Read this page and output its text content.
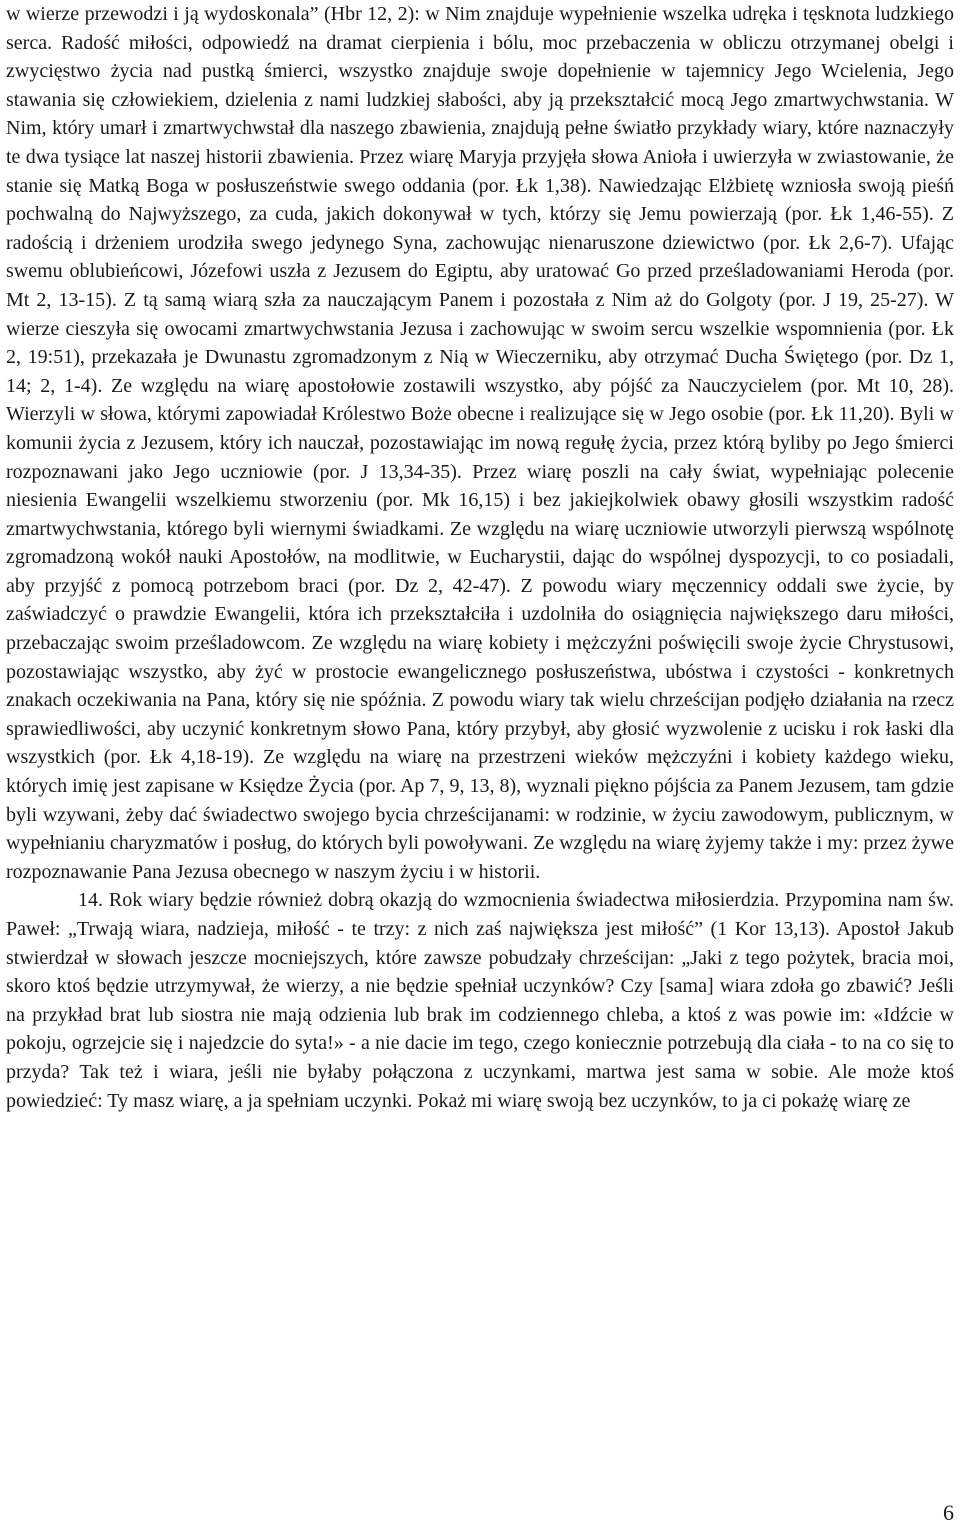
w wierze przewodzi i ją wydoskonala” (Hbr 12, 2): w Nim znajduje wypełnienie wszelka udręka i tęsknota ludzkiego serca. Radość miłości, odpowiedź na dramat cierpienia i bólu, moc przebaczenia w obliczu otrzymanej obelgi i zwycięstwo życia nad pustką śmierci, wszystko znajduje swoje dopełnienie w tajemnicy Jego Wcielenia, Jego stawania się człowiekiem, dzielenia z nami ludzkiej słabości, aby ją przekształcić mocą Jego zmartwychwstania. W Nim, który umarł i zmartwychwstał dla naszego zbawienia, znajdują pełne światło przykłady wiary, które naznaczyły te dwa tysiące lat naszej historii zbawienia. Przez wiarę Maryja przyjęła słowa Anioła i uwierzyła w zwiastowanie, że stanie się Matką Boga w posłuszeństwie swego oddania (por. Łk 1,38). Nawiedzając Elżbietę wzniosła swoją pieśń pochwalną do Najwyższego, za cuda, jakich dokonywał w tych, którzy się Jemu powierzają (por. Łk 1,46-55). Z radością i drżeniem urodziła swego jedynego Syna, zachowując nienaruszone dziewictwo (por. Łk 2,6-7). Ufając swemu oblubieńcowi, Józefowi uszła z Jezusem do Egiptu, aby uratować Go przed prześladowaniami Heroda (por. Mt 2, 13-15). Z tą samą wiarą szła za nauczającym Panem i pozostała z Nim aż do Golgoty (por. J 19, 25-27). W wierze cieszyła się owocami zmartwychwstania Jezusa i zachowując w swoim sercu wszelkie wspomnienia (por. Łk 2, 19:51), przekazała je Dwunastu zgromadzonym z Nią w Wieczerniku, aby otrzymać Ducha Świętego (por. Dz 1, 14; 2, 1-4). Ze względu na wiarę apostołowie zostawili wszystko, aby pójść za Nauczycielem (por. Mt 10, 28). Wierzyli w słowa, którymi zapowiadał Królestwo Boże obecne i realizujące się w Jego osobie (por. Łk 11,20). Byli w komunii życia z Jezusem, który ich nauczał, pozostawiając im nową regułę życia, przez którą byliby po Jego śmierci rozpoznawani jako Jego uczniowie (por. J 13,34-35). Przez wiarę poszli na cały świat, wypełniając polecenie niesienia Ewangelii wszelkiemu stworzeniu (por. Mk 16,15) i bez jakiejkolwiek obawy głosili wszystkim radość zmartwychwstania, którego byli wiernymi świadkami. Ze względu na wiarę uczniowie utworzyli pierwszą wspólnotę zgromadzoną wokół nauki Apostołów, na modlitwie, w Eucharystii, dając do wspólnej dyspozycji, to co posiadali, aby przyjść z pomocą potrzebom braci (por. Dz 2, 42-47). Z powodu wiary męczennicy oddali swe życie, by zaświadczyć o prawdzie Ewangelii, która ich przekształciła i uzdolniła do osiągnięcia największego daru miłości, przebaczając swoim prześladowcom. Ze względu na wiarę kobiety i mężczyźni poświęcili swoje życie Chrystusowi, pozostawiając wszystko, aby żyć w prostocie ewangelicznego posłuszeństwa, ubóstwa i czystości - konkretnych znakach oczekiwania na Pana, który się nie spóźnia. Z powodu wiary tak wielu chrześcijan podjęło działania na rzecz sprawiedliwości, aby uczynić konkretnym słowo Pana, który przybył, aby głosić wyzwolenie z ucisku i rok łaski dla wszystkich (por. Łk 4,18-19). Ze względu na wiarę na przestrzeni wieków mężczyźni i kobiety każdego wieku, których imię jest zapisane w Księdze Życia (por. Ap 7, 9, 13, 8), wyznali piękno pójścia za Panem Jezusem, tam gdzie byli wzywani, żeby dać świadectwo swojego bycia chrześcijanami: w rodzinie, w życiu zawodowym, publicznym, w wypełnianiu charyzmatów i posług, do których byli powoływani. Ze względu na wiarę żyjemy także i my: przez żywe rozpoznawanie Pana Jezusa obecnego w naszym życiu i w historii.

14. Rok wiary będzie również dobrą okazją do wzmocnienia świadectwa miłosierdzia. Przypomina nam św. Paweł: „Trwają wiara, nadzieja, miłość - te trzy: z nich zaś największa jest miłość” (1 Kor 13,13). Apostoł Jakub stwierdzał w słowach jeszcze mocniejszych, które zawsze pobudzały chrześcijan: „Jaki z tego pożytek, bracia moi, skoro ktoś będzie utrzymywał, że wierzy, a nie będzie spełniał uczynków? Czy [sama] wiara zdoła go zbawić? Jeśli na przykład brat lub siostra nie mają odzienia lub brak im codziennego chleba, a ktoś z was powie im: «Idźcie w pokoju, ogrzejcie się i najedzcie do syta!» - a nie dacie im tego, czego koniecznie potrzebują dla ciała - to na co się to przyda? Tak też i wiara, jeśli nie byłaby połączona z uczynkami, martwa jest sama w sobie. Ale może ktoś powiedzieć: Ty masz wiarę, a ja spełniam uczynki. Pokaż mi wiarę swoją bez uczynków, to ja ci pokażę wiarę ze

6
